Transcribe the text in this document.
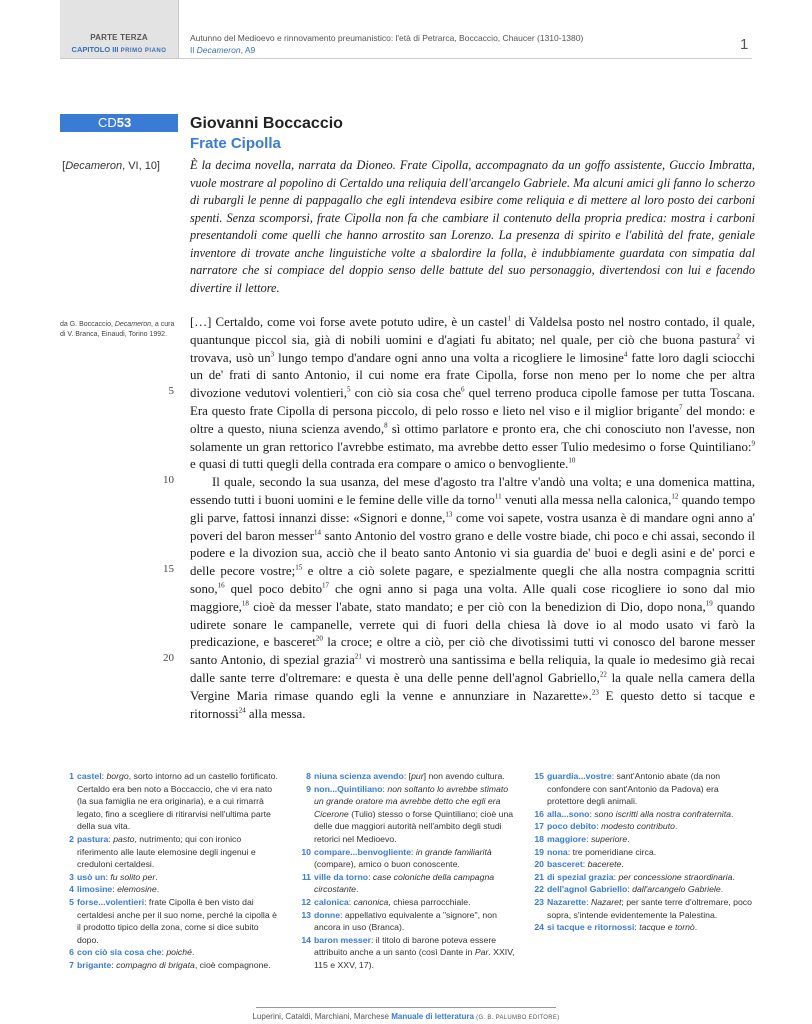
PARTE TERZA
CAPITOLO III PRIMO PIANO
Autunno del Medioevo e rinnovamento preumanistico: l'età di Petrarca, Boccaccio, Chaucer (1310-1380)
Il Decameron, A9	1
CD53
[Decameron, VI, 10]
Giovanni Boccaccio
Frate Cipolla
È la decima novella, narrata da Dioneo. Frate Cipolla, accompagnato da un goffo assistente, Guccio Imbratta, vuole mostrare al popolino di Certaldo una reliquia dell'arcangelo Gabriele. Ma alcuni amici gli fanno lo scherzo di rubargli le penne di pappagallo che egli intendeva esibire come reliquia e di mettere al loro posto dei carboni spenti. Senza scomporsi, frate Cipolla non fa che cambiare il contenuto della propria predica: mostra i carboni presentandoli come quelli che hanno arrostito san Lorenzo. La presenza di spirito e l'abilità del frate, geniale inventore di trovate anche linguistiche volte a sbalordire la folla, è indubbiamente guardata con simpatia dal narratore che si compiace del doppio senso delle battute del suo personaggio, divertendosi con lui e facendo divertire il lettore.
da G. Boccaccio, Decameron, a cura di V. Branca, Einaudi, Torino 1992.
5
10
15
20

[…] Certaldo, come voi forse avete potuto udire, è un castel$^1$ di Valdelsa posto nel nostro contado, il quale, quantunque piccol sia, già di nobili uomini e d'agiati fu abitato; nel quale, per ciò che buona pastura$^2$ vi trovava, usò $un^3$ lungo tempo d'andare ogni anno una volta a ricogliere le limosine$^4$ fatte loro dagli sciocchi un de' frati di santo Antonio, il cui nome era frate Cipolla, forse non meno per lo nome che per altra divozione vedutovi volentieri,$^5$ con ciò sia cosa che$^6$ quel terreno produca cipolle famose per tutta Toscana. Era questo frate Cipolla di persona piccolo, di pelo rosso e lieto nel viso e il miglior brigante$^7$ del mondo: e oltre a questo, niuna scienza avendo,$^8$ sì ottimo parlatore e pronto era, che chi conosciuto non l'avesse, non solamente un gran rettorico l'avrebbe estimato, ma avrebbe detto esser Tulio medesimo o forse Quintiliano:$^9$ e quasi di tutti quegli della contrada era compare o amico o benvogliente.$^{10}$

Il quale, secondo la sua usanza, del mese d'agosto tra l'altre v'andò una volta; e una domenica mattina, essendo tutti i buoni uomini e le femine delle ville da torno$^{11}$ venuti alla messa nella calonica,$^{12}$ quando tempo gli parve, fattosi innanzi disse: «Signori e donne,$^{13}$ come voi sapete, vostra usanza è di mandare ogni anno a' poveri del baron messer$^{14}$ santo Antonio del vostro grano e delle vostre biade, chi poco e chi assai, secondo il podere e la divozion sua, acciò che il beato santo Antonio vi sia guardia de' buoi e degli asini e de' porci e delle pecore vostre;$^{15}$ e oltre a ciò solete pagare, e spezialmente quegli che alla nostra compagnia scritti sono,$^{16}$ quel poco debito$^{17}$ che ogni anno si paga una volta. Alle quali cose ricogliere io sono dal mio maggiore,$^{18}$ cioè da messer l'abate, stato mandato; e per ciò con la benedizion di Dio, dopo nona,$^{19}$ quando udirete sonare le campanelle, verrete qui di fuori della chiesa là dove io al modo usato vi farò la predicazione, e basceret$^{20}$ la croce; e oltre a ciò, per ciò che divotissimi tutti vi conosco del barone messer santo Antonio, di spezial grazia$^{21}$ vi mostrerò una santissima e bella reliquia, la quale io medesimo già recai dalle sante terre d'oltremare: e questa è una delle penne dell'agnol Gabriello,$^{22}$ la quale nella camera della Vergine Maria rimase quando egli la venne e annunziare in Nazarette».$^{23}$ E questo detto si tacque e ritornossi$^{24}$ alla messa.

1 castel: borgo, sorto intorno ad un castello fortificato. Certaldo era ben noto a Boccaccio, che vi era nato (la sua famiglia ne era originaria), e a cui rimarrà legato, fino a scegliere di ritirarvisi nell'ultima parte della sua vita.
2 pastura: pasto, nutrimento; qui con ironico riferimento alle laute elemosine degli ingenui e creduloni certaldesi.
3 usò un: fu solito per.
4 limosine: elemosine.
5 forse...volentieri: frate Cipolla è ben visto dai certaldesi anche per il suo nome, perché la cipolla è il prodotto tipico della zona, come si dice subito dopo.
6 con ciò sia cosa che: poiché.
7 brigante: compagno di brigata, cioè compagnone.
8 niuna scienza avendo: [pur] non avendo cultura.
9 non...Quintiliano: non soltanto lo avrebbe stimato un grande oratore ma avrebbe detto che egli era Cicerone (Tulio) stesso o forse Quintiliano; cioè una delle due maggiori autorità nell'ambito degli studi retorici nel Medioevo.
10 compare...benvogliente: in grande familiarità (compare), amico o buon conoscente.
11 ville da torno: case coloniche della campagna circostante.
12 calonica: canonica, chiesa parrocchiale.
13 donne: appellativo equivalente a "signore", non ancora in uso (Branca).
14 baron messer: il titolo di barone poteva essere attribuito anche a un santo (così Dante in Par. XXIV, 115 e XXV, 17).
15 guardia...vostre: sant'Antonio abate (da non confondere con sant'Antonio da Padova) era protettore degli animali.
16 alla...sono: sono iscritti alla nostra confraternita.
17 poco debito: modesto contributo.
18 maggiore: superiore.
19 nona: tre pomeridiane circa.
20 basceret: bacerete.
21 di spezial grazia: per concessione straordinaria.
22 dell'agnol Gabriello: dall'arcangelo Gabriele.
23 Nazarette: Nazaret; per sante terre d'oltremare, poco sopra, s'intende evidentemente la Palestina.
24 si tacque e ritornossi: tacque e tornò.
Luperini, Cataldi, Marchiani, Marchese Manuale di letteratura (G. B. PALUMBO EDITORE)
